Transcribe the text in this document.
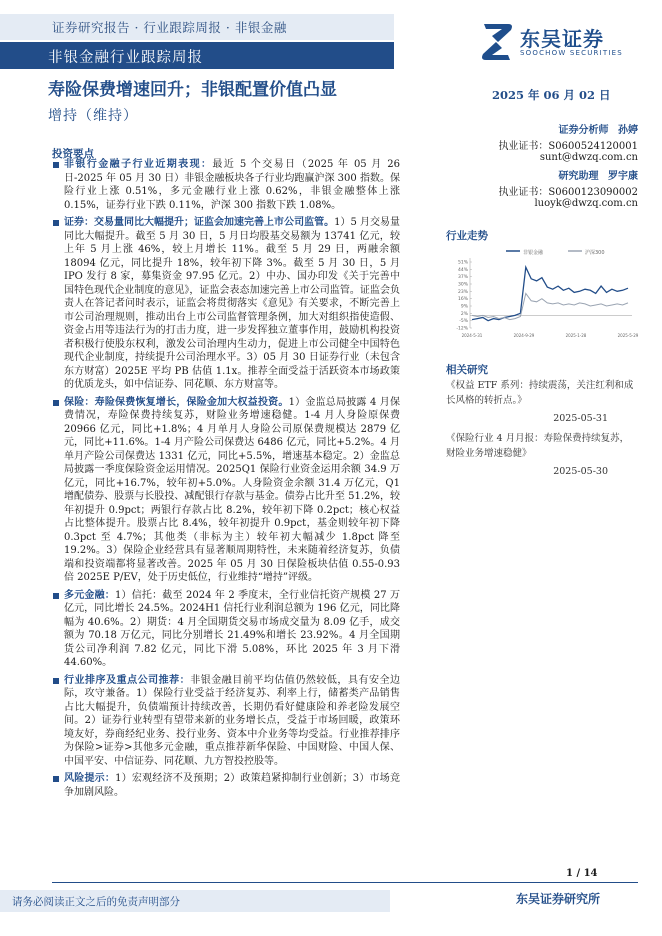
证券研究报告 · 行业跟踪周报 · 非银金融
非银金融行业跟踪周报
东吴证券
SOOCHOW SECURITIES
寿险保费增速回升；非银配置价值凸显	2025 年 06 月 02 日
增持（维持）
证券分析师 孙婷
执业证书：S0600524120001
sunt@dwzq.com.cn
研究助理 罗宇康
执业证书：S0600123090002
luoyk@dwzq.com.cn
投资要点
非银行金融子行业近期表现：最近 5 个交易日（2025 年 05 月 26 日-2025 年 05 月 30 日）非银金融板块各子行业均跑赢沪深 300 指数。保险行业上涨 0.51%，多元金融行业上涨 0.62%，非银金融整体上涨 0.15%，证券行业下跌 0.11%，沪深 300 指数下跌 1.08%。
证券：交易量同比大幅提升；证监会加速完善上市公司监管。1）5 月交易量同比大幅提升。截至 5 月 30 日，5 月日均股基交易额为 13741 亿元，较上年 5 月上涨 46%，较上月增长 11%。截至 5 月 29 日，两融余额 18094 亿元，同比提升 18%，较年初下降 3%。截至 5 月 30 日，5 月 IPO 发行 8 家，募集资金 97.95 亿元。2）中办、国办印发《关于完善中国特色现代企业制度的意见》，证监会表态加速完善上市公司监管。证监会负责人在答记者问时表示，证监会将贯彻落实《意见》有关要求，不断完善上市公司治理规则，推动出台上市公司监督管理条例，加大对组织指使造假、资金占用等违法行为的打击力度，进一步发挥独立董事作用，鼓励机构投资者积极行使股东权利，激发公司治理内生动力，促进上市公司健全中国特色现代企业制度，持续提升公司治理水平。3）05 月 30 日证券行业（未包含东方财富）2025E 平均 PB 估值 1.1x。推荐全面受益于活跃资本市场政策的优质龙头，如中信证券、同花顺、东方财富等。
保险：寿险保费恢复增长，保险金加大权益投资。1）金监总局披露 4 月保费情况，寿险保费持续复苏，财险业务增速稳健。1-4 月人身险原保费 20966 亿元，同比+1.8%；4 月单月人身险公司原保费规模达 2879 亿元，同比+11.6%。1-4 月产险公司保费达 6486 亿元，同比+5.2%。4 月单月产险公司保费达 1331 亿元，同比+5.5%，增速基本稳定。2）金监总局披露一季度保险资金运用情况。2025Q1 保险行业资金运用余额 34.9 万亿元，同比+16.7%，较年初+5.0%。人身险资金余额 31.4 万亿元，Q1 增配债券、股票与长股投、减配银行存款与基金。债券占比升至 51.2%，较年初提升 0.9pct；两银行存款占比 8.2%，较年初下降 0.2pct；核心权益占比整体提升。股票占比 8.4%，较年初提升 0.9pct，基金则较年初下降 0.3pct 至 4.7%；其他类（非标为主）较年初大幅减少 1.8pct 降至 19.2%。3）保险企业经营具有显著顺周期特性，未来随着经济复苏，负债端和投资端都将显著改善。2025 年 05 月 30 日保险板块估值 0.55-0.93 倍 2025E P/EV，处于历史低位，行业维持“增持”评级。
多元金融：1）信托：截至 2024 年 2 季度末，全行业信托资产规模 27 万亿元，同比增长 24.5%。2024H1 信托行业利润总额为 196 亿元，同比降幅为 40.6%。2）期货：4 月全国期货交易市场成交量为 8.09 亿手，成交额为 70.18 万亿元，同比分别增长 21.49%和增长 23.92%。4 月全国期货公司净利润 7.82 亿元，同比下滑 5.08%，环比 2025 年 3 月下滑 44.60%。
行业排序及重点公司推荐：非银金融目前平均估值仍然较低，具有安全边际，攻守兼备。1）保险行业受益于经济复苏、利率上行，储蓄类产品销售占比大幅提升，负债端预计持续改善，长期仍看好健康险和养老险发展空间。2）证券行业转型有望带来新的业务增长点，受益于市场回暖，政策环境友好，券商经纪业务、投行业务、资本中介业务等均受益。行业推荐排序为保险>证券>其他多元金融，重点推荐新华保险、中国财险、中国人保、中国平安、中信证券、同花顺、九方智投控股等。
风险提示：1）宏观经济不及预期；2）政策趋紧抑制行业创新；3）市场竞争加剧风险。
行业走势
非银金融	沪深300
51%
44%
37%
30%
23%
16%
9%
2%
-5%
-12%
2024-5-31	2024-9-29	2025-1-28	2025-5-29
相关研究
《权益 ETF 系列：持续震荡，关注红利和成长风格的转折点。》
2025-05-31
《保险行业 4 月月报：寿险保费持续复苏，财险业务增速稳健》
2025-05-30
1 / 14
请务必阅读正文之后的免责声明部分	东吴证券研究所
